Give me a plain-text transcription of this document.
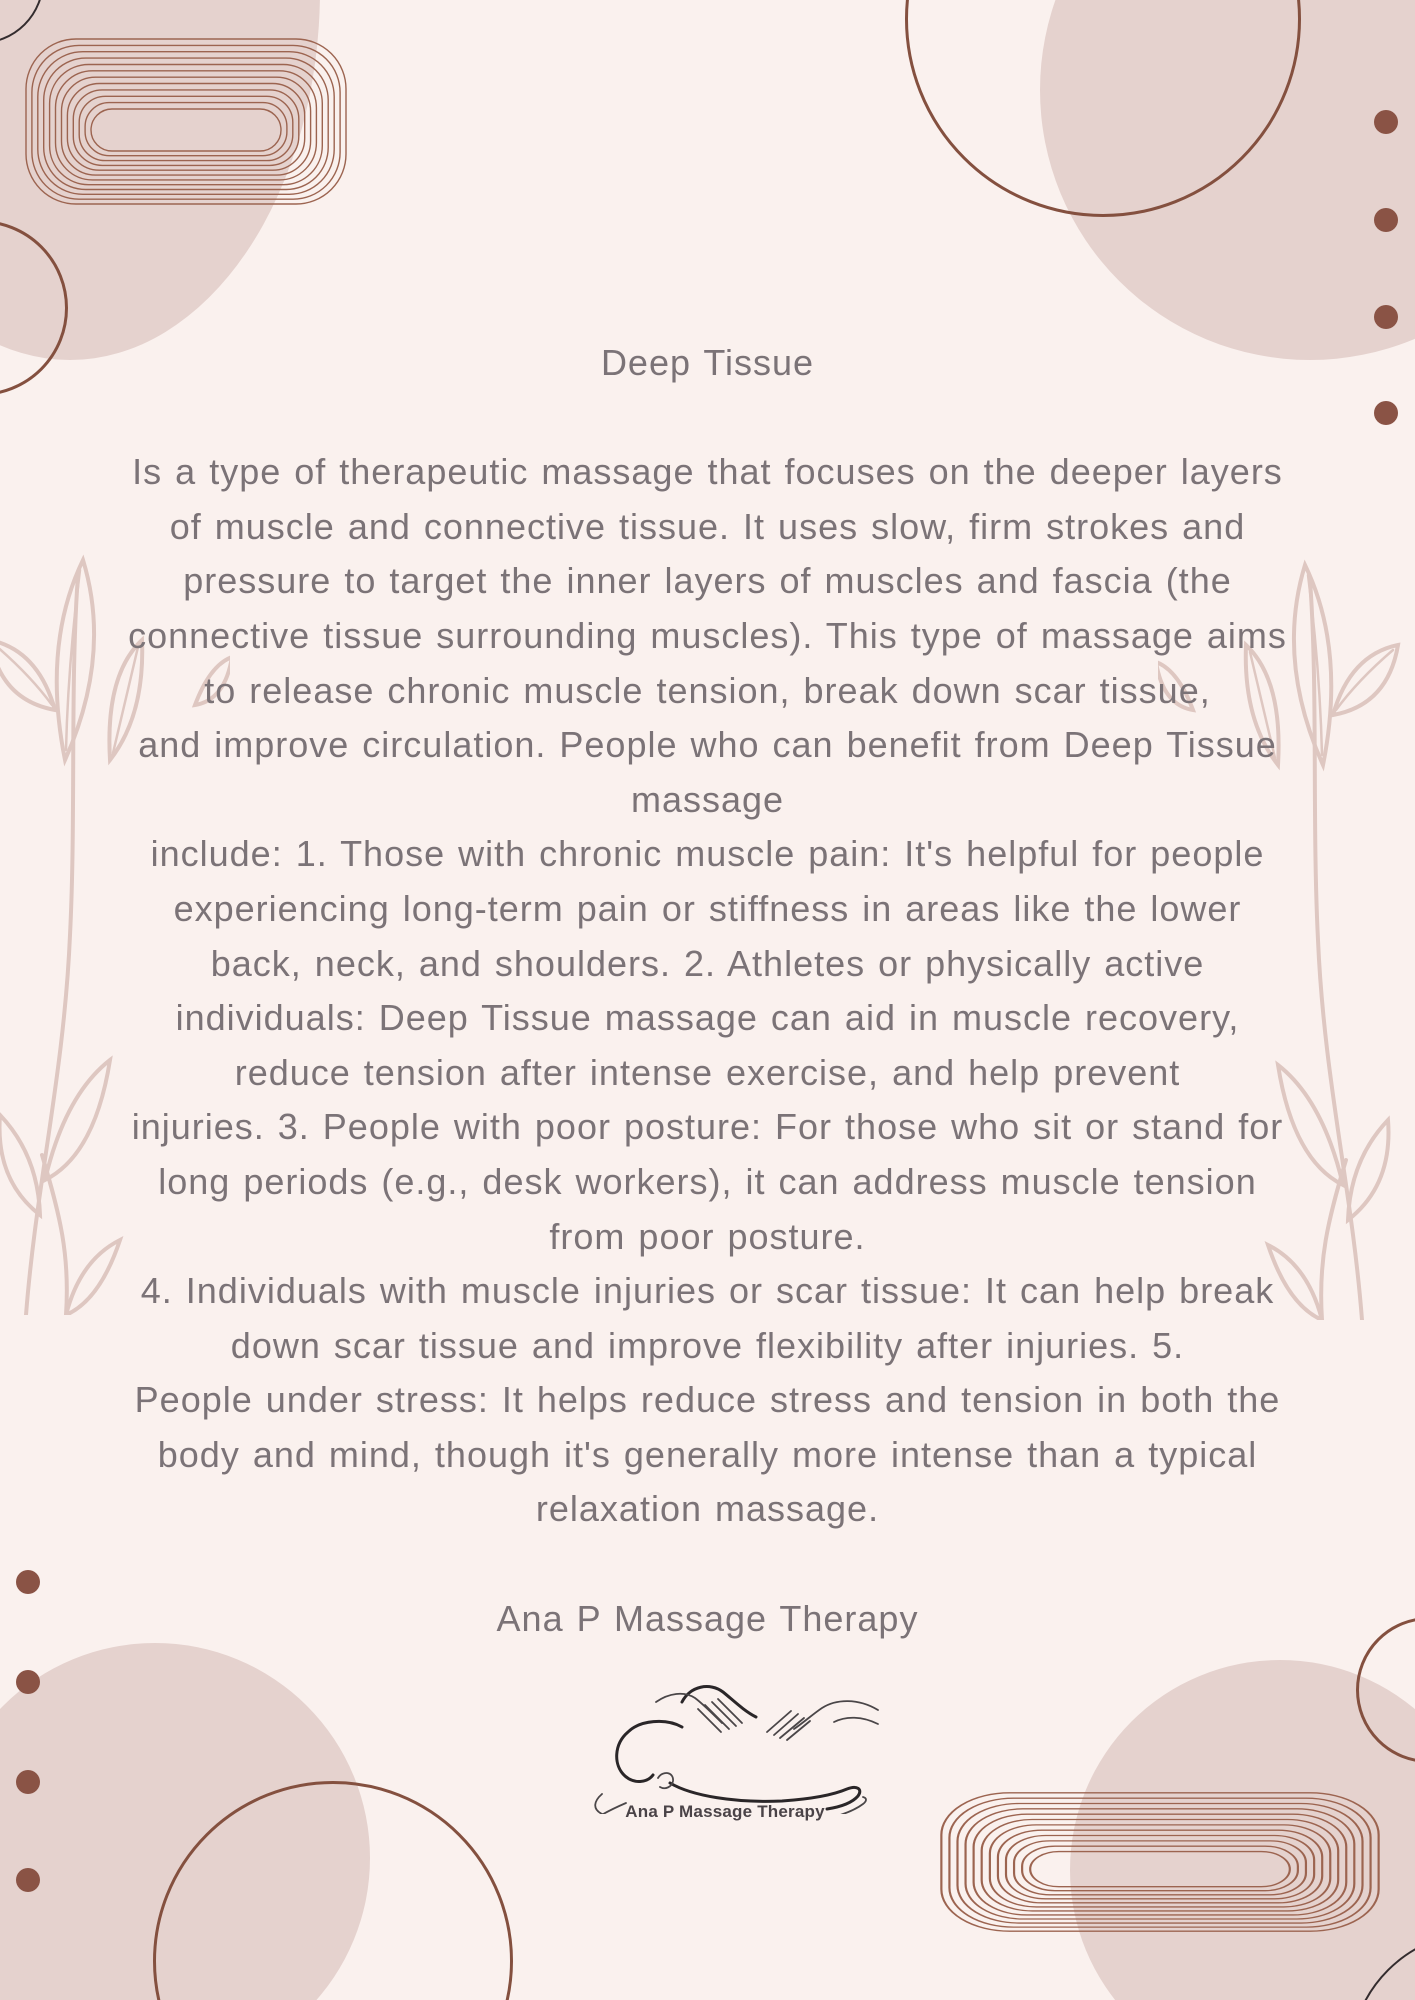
Deep Tissue
Is a type of therapeutic massage that focuses on the deeper layers
of muscle and connective tissue. It uses slow, firm strokes and
pressure to target the inner layers of muscles and fascia (the
connective tissue surrounding muscles). This type of massage aims
to release chronic muscle tension, break down scar tissue,
and improve circulation. People who can benefit from Deep Tissue
massage
include: 1. Those with chronic muscle pain: It's helpful for people
experiencing long-term pain or stiffness in areas like the lower
back, neck, and shoulders. 2. Athletes or physically active
individuals: Deep Tissue massage can aid in muscle recovery,
reduce tension after intense exercise, and help prevent
injuries. 3. People with poor posture: For those who sit or stand for
long periods (e.g., desk workers), it can address muscle tension
from poor posture.
4. Individuals with muscle injuries or scar tissue: It can help break
down scar tissue and improve flexibility after injuries. 5.
People under stress: It helps reduce stress and tension in both the
body and mind, though it's generally more intense than a typical
relaxation massage.
Ana P Massage Therapy
Ana P Massage Therapy
